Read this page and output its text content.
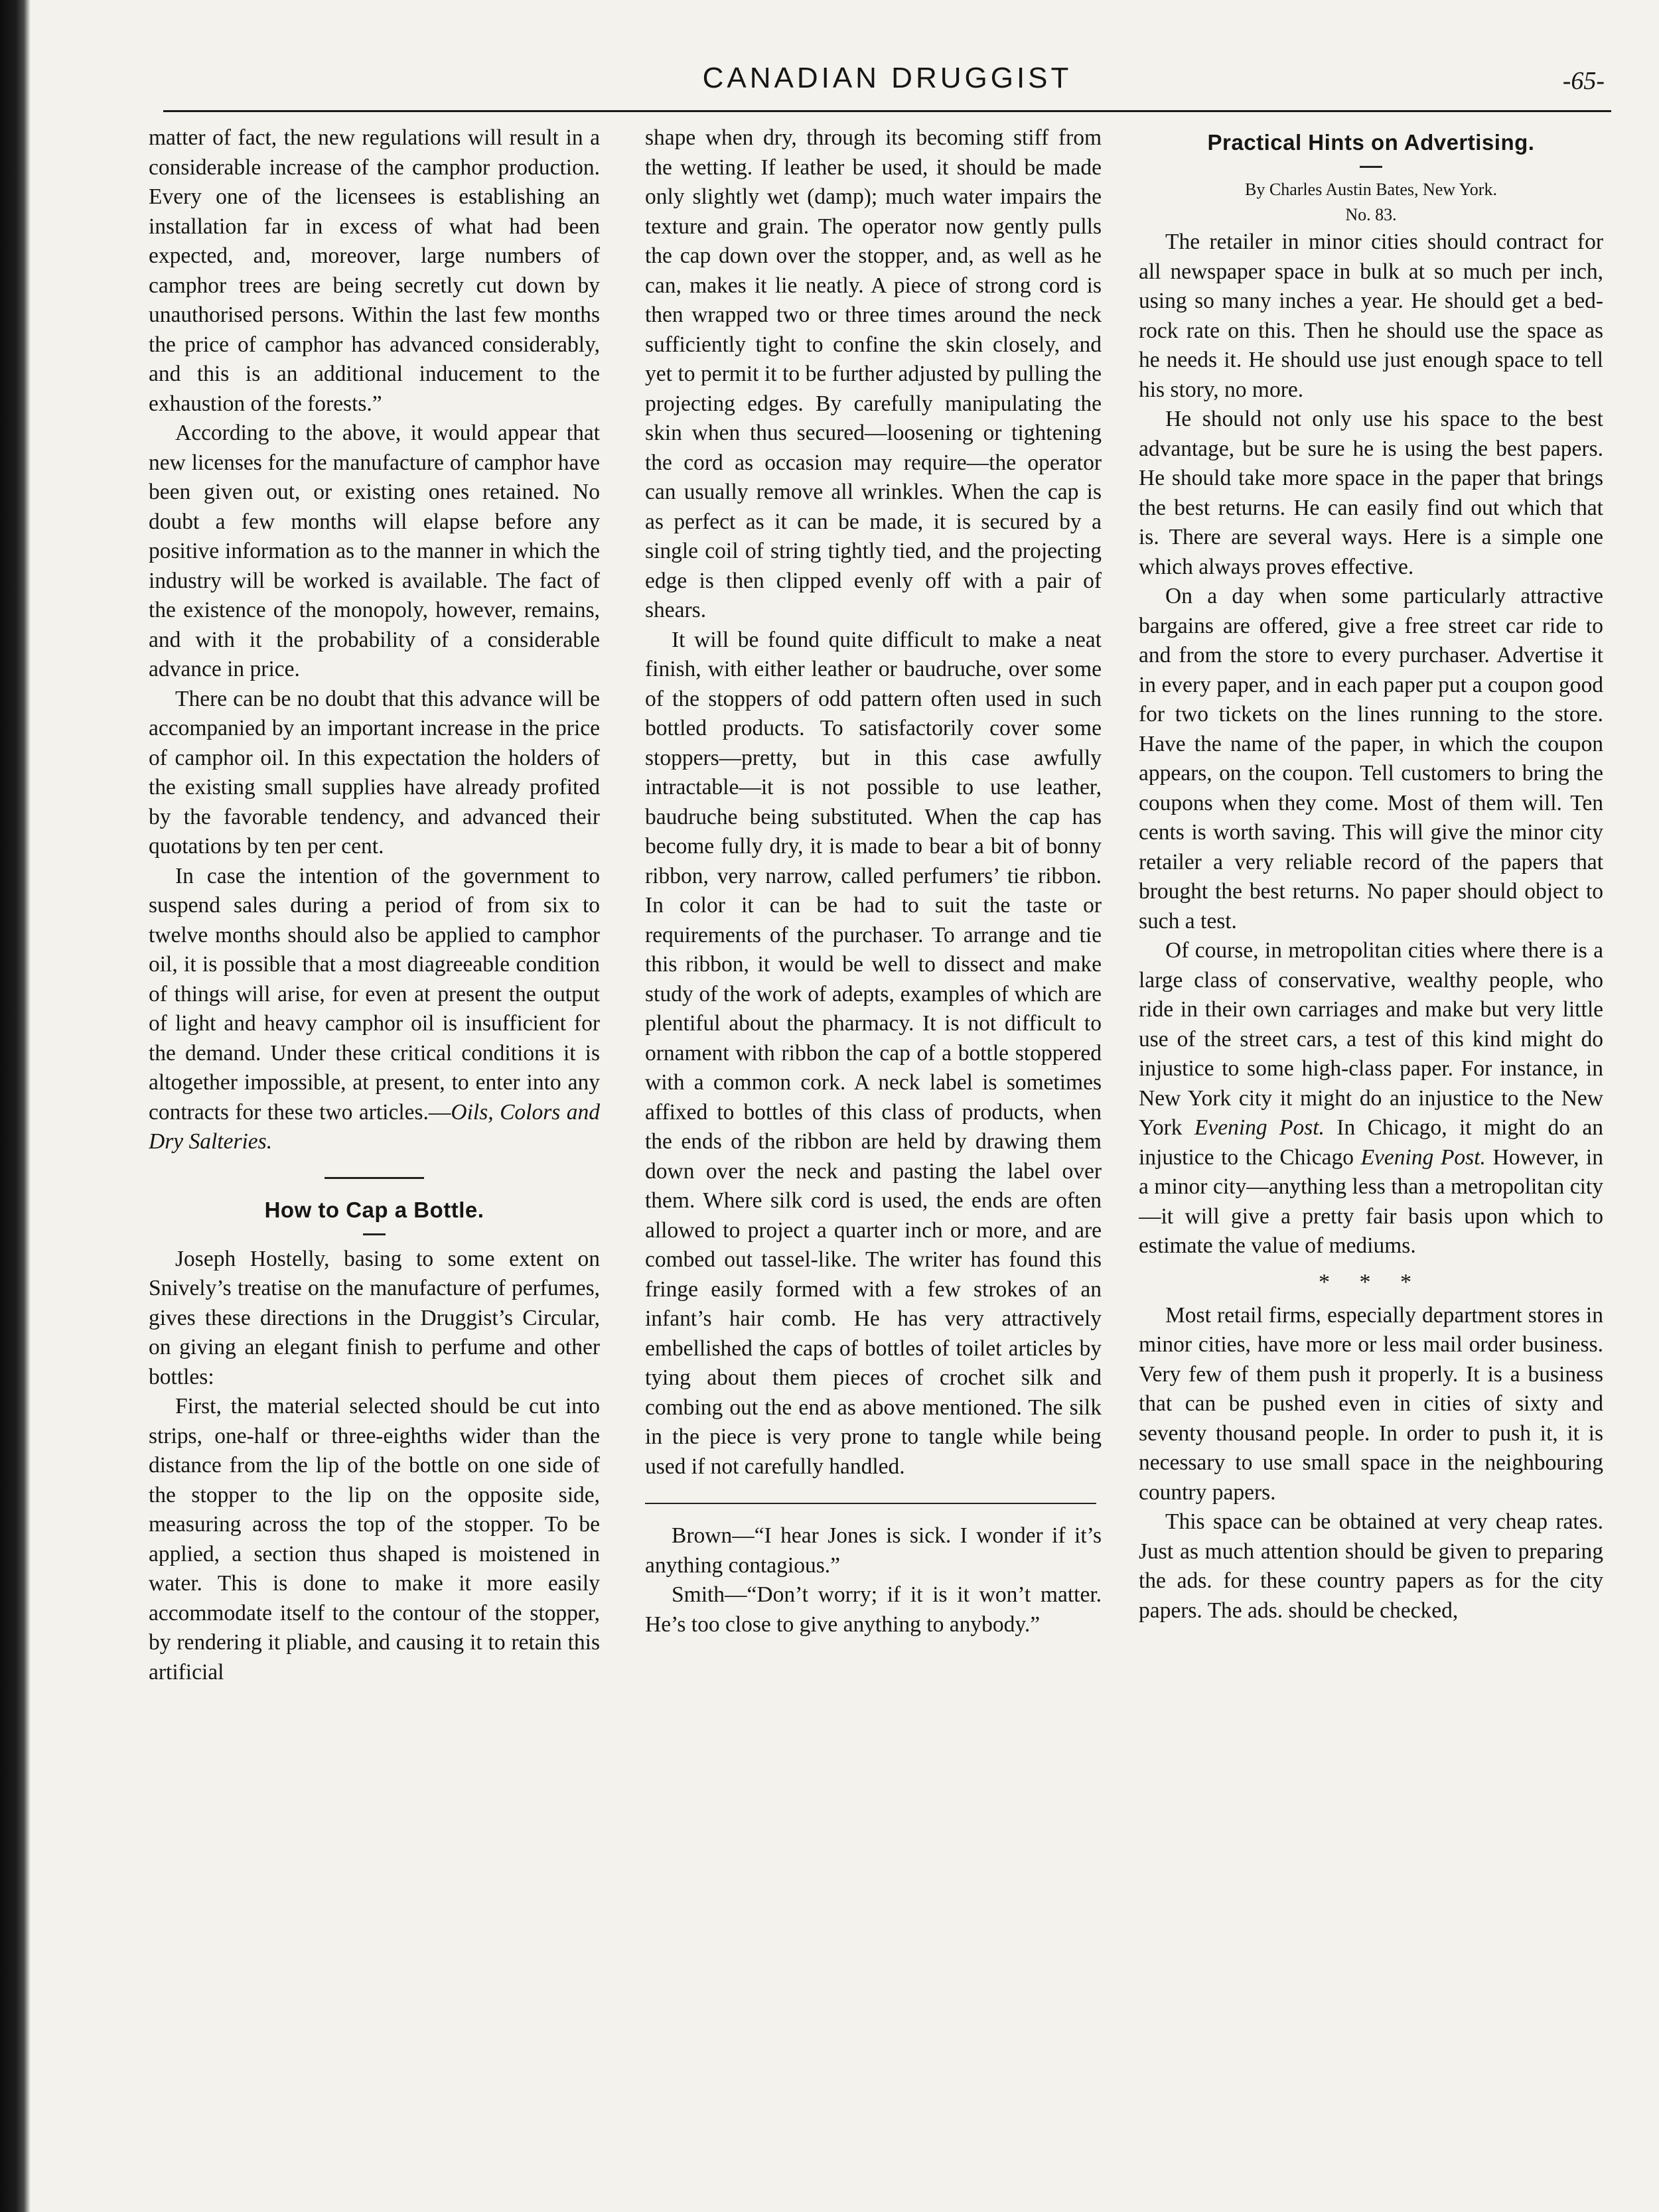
CANADIAN DRUGGIST	-65-

matter of fact, the new regulations will result in a considerable increase of the camphor production. Every one of the licensees is establishing an installation far in excess of what had been expected, and, moreover, large numbers of camphor trees are being secretly cut down by unauthorised persons. Within the last few months the price of camphor has advanced considerably, and this is an additional inducement to the exhaustion of the forests.”

According to the above, it would appear that new licenses for the manufacture of camphor have been given out, or existing ones retained. No doubt a few months will elapse before any positive information as to the manner in which the industry will be worked is available. The fact of the existence of the monopoly, however, remains, and with it the probability of a considerable advance in price.

There can be no doubt that this advance will be accompanied by an important increase in the price of camphor oil. In this expectation the holders of the existing small supplies have already profited by the favorable tendency, and advanced their quotations by ten per cent.

In case the intention of the government to suspend sales during a period of from six to twelve months should also be applied to camphor oil, it is possible that a most diagreeable condition of things will arise, for even at present the output of light and heavy camphor oil is insufficient for the demand. Under these critical conditions it is altogether impossible, at present, to enter into any contracts for these two articles.—Oils, Colors and Dry Salteries.

How to Cap a Bottle.

Joseph Hostelly, basing to some extent on Snively’s treatise on the manufacture of perfumes, gives these directions in the Druggist’s Circular, on giving an elegant finish to perfume and other bottles:

First, the material selected should be cut into strips, one-half or three-eighths wider than the distance from the lip of the bottle on one side of the stopper to the lip on the opposite side, measuring across the top of the stopper. To be applied, a section thus shaped is moistened in water. This is done to make it more easily accommodate itself to the contour of the stopper, by rendering it pliable, and causing it to retain this artificial

shape when dry, through its becoming stiff from the wetting. If leather be used, it should be made only slightly wet (damp); much water impairs the texture and grain. The operator now gently pulls the cap down over the stopper, and, as well as he can, makes it lie neatly. A piece of strong cord is then wrapped two or three times around the neck sufficiently tight to confine the skin closely, and yet to permit it to be further adjusted by pulling the projecting edges. By carefully manipulating the skin when thus secured—loosening or tightening the cord as occasion may require—the operator can usually remove all wrinkles. When the cap is as perfect as it can be made, it is secured by a single coil of string tightly tied, and the projecting edge is then clipped evenly off with a pair of shears.

It will be found quite difficult to make a neat finish, with either leather or baudruche, over some of the stoppers of odd pattern often used in such bottled products. To satisfactorily cover some stoppers—pretty, but in this case awfully intractable—it is not possible to use leather, baudruche being substituted. When the cap has become fully dry, it is made to bear a bit of bonny ribbon, very narrow, called perfumers’ tie ribbon. In color it can be had to suit the taste or requirements of the purchaser. To arrange and tie this ribbon, it would be well to dissect and make study of the work of adepts, examples of which are plentiful about the pharmacy. It is not difficult to ornament with ribbon the cap of a bottle stoppered with a common cork. A neck label is sometimes affixed to bottles of this class of products, when the ends of the ribbon are held by drawing them down over the neck and pasting the label over them. Where silk cord is used, the ends are often allowed to project a quarter inch or more, and are combed out tassel-like. The writer has found this fringe easily formed with a few strokes of an infant’s hair comb. He has very attractively embellished the caps of bottles of toilet articles by tying about them pieces of crochet silk and combing out the end as above mentioned. The silk in the piece is very prone to tangle while being used if not carefully handled.

Brown—“I hear Jones is sick. I wonder if it’s anything contagious.”

Smith—“Don’t worry; if it is it won’t matter. He’s too close to give anything to anybody.”

Practical Hints on Advertising.

By Charles Austin Bates, New York.

No. 83.

The retailer in minor cities should contract for all newspaper space in bulk at so much per inch, using so many inches a year. He should get a bed-rock rate on this. Then he should use the space as he needs it. He should use just enough space to tell his story, no more.

He should not only use his space to the best advantage, but be sure he is using the best papers. He should take more space in the paper that brings the best returns. He can easily find out which that is. There are several ways. Here is a simple one which always proves effective.

On a day when some particularly attractive bargains are offered, give a free street car ride to and from the store to every purchaser. Advertise it in every paper, and in each paper put a coupon good for two tickets on the lines running to the store. Have the name of the paper, in which the coupon appears, on the coupon. Tell customers to bring the coupons when they come. Most of them will. Ten cents is worth saving. This will give the minor city retailer a very reliable record of the papers that brought the best returns. No paper should object to such a test.

Of course, in metropolitan cities where there is a large class of conservative, wealthy people, who ride in their own carriages and make but very little use of the street cars, a test of this kind might do injustice to some high-class paper. For instance, in New York city it might do an injustice to the New York Evening Post. In Chicago, it might do an injustice to the Chicago Evening Post. However, in a minor city—anything less than a metropolitan city—it will give a pretty fair basis upon which to estimate the value of mediums.

* * *

Most retail firms, especially department stores in minor cities, have more or less mail order business. Very few of them push it properly. It is a business that can be pushed even in cities of sixty and seventy thousand people. In order to push it, it is necessary to use small space in the neighbouring country papers.

This space can be obtained at very cheap rates. Just as much attention should be given to preparing the ads. for these country papers as for the city papers. The ads. should be checked,
